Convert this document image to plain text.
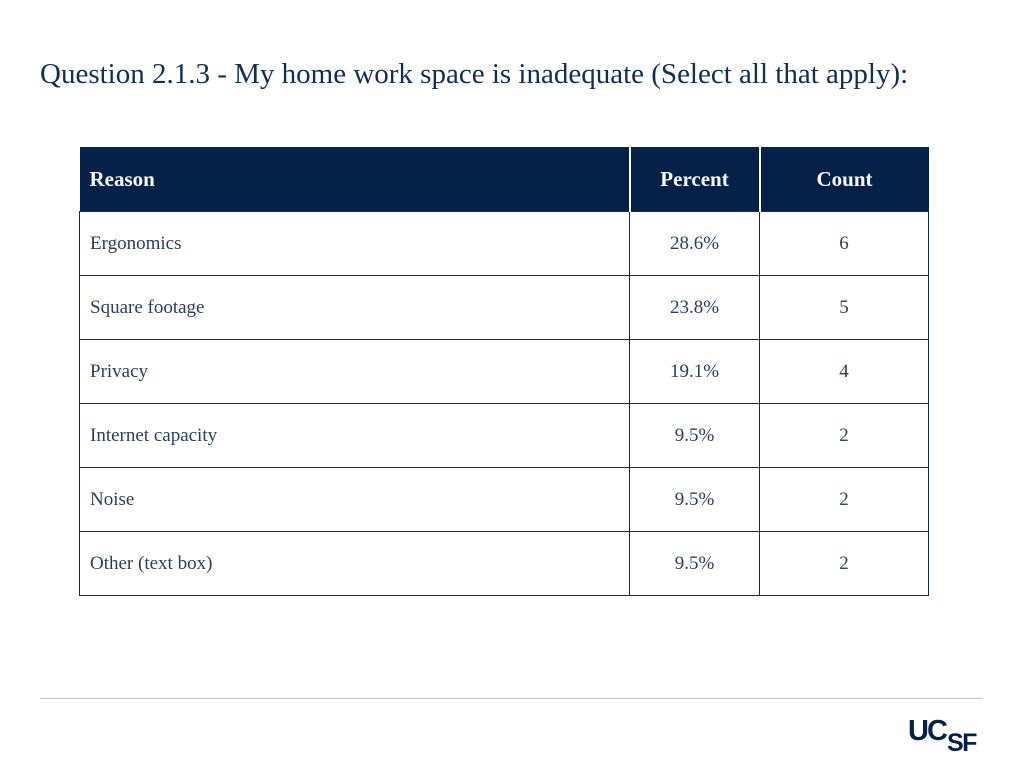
Question 2.1.3 - My home work space is inadequate (Select all that apply):
Reason	Percent	Count
Ergonomics	28.6%	6
Square footage	23.8%	5
Privacy	19.1%	4
Internet capacity	9.5%	2
Noise	9.5%	2
Other (text box)	9.5%	2
UC SF
